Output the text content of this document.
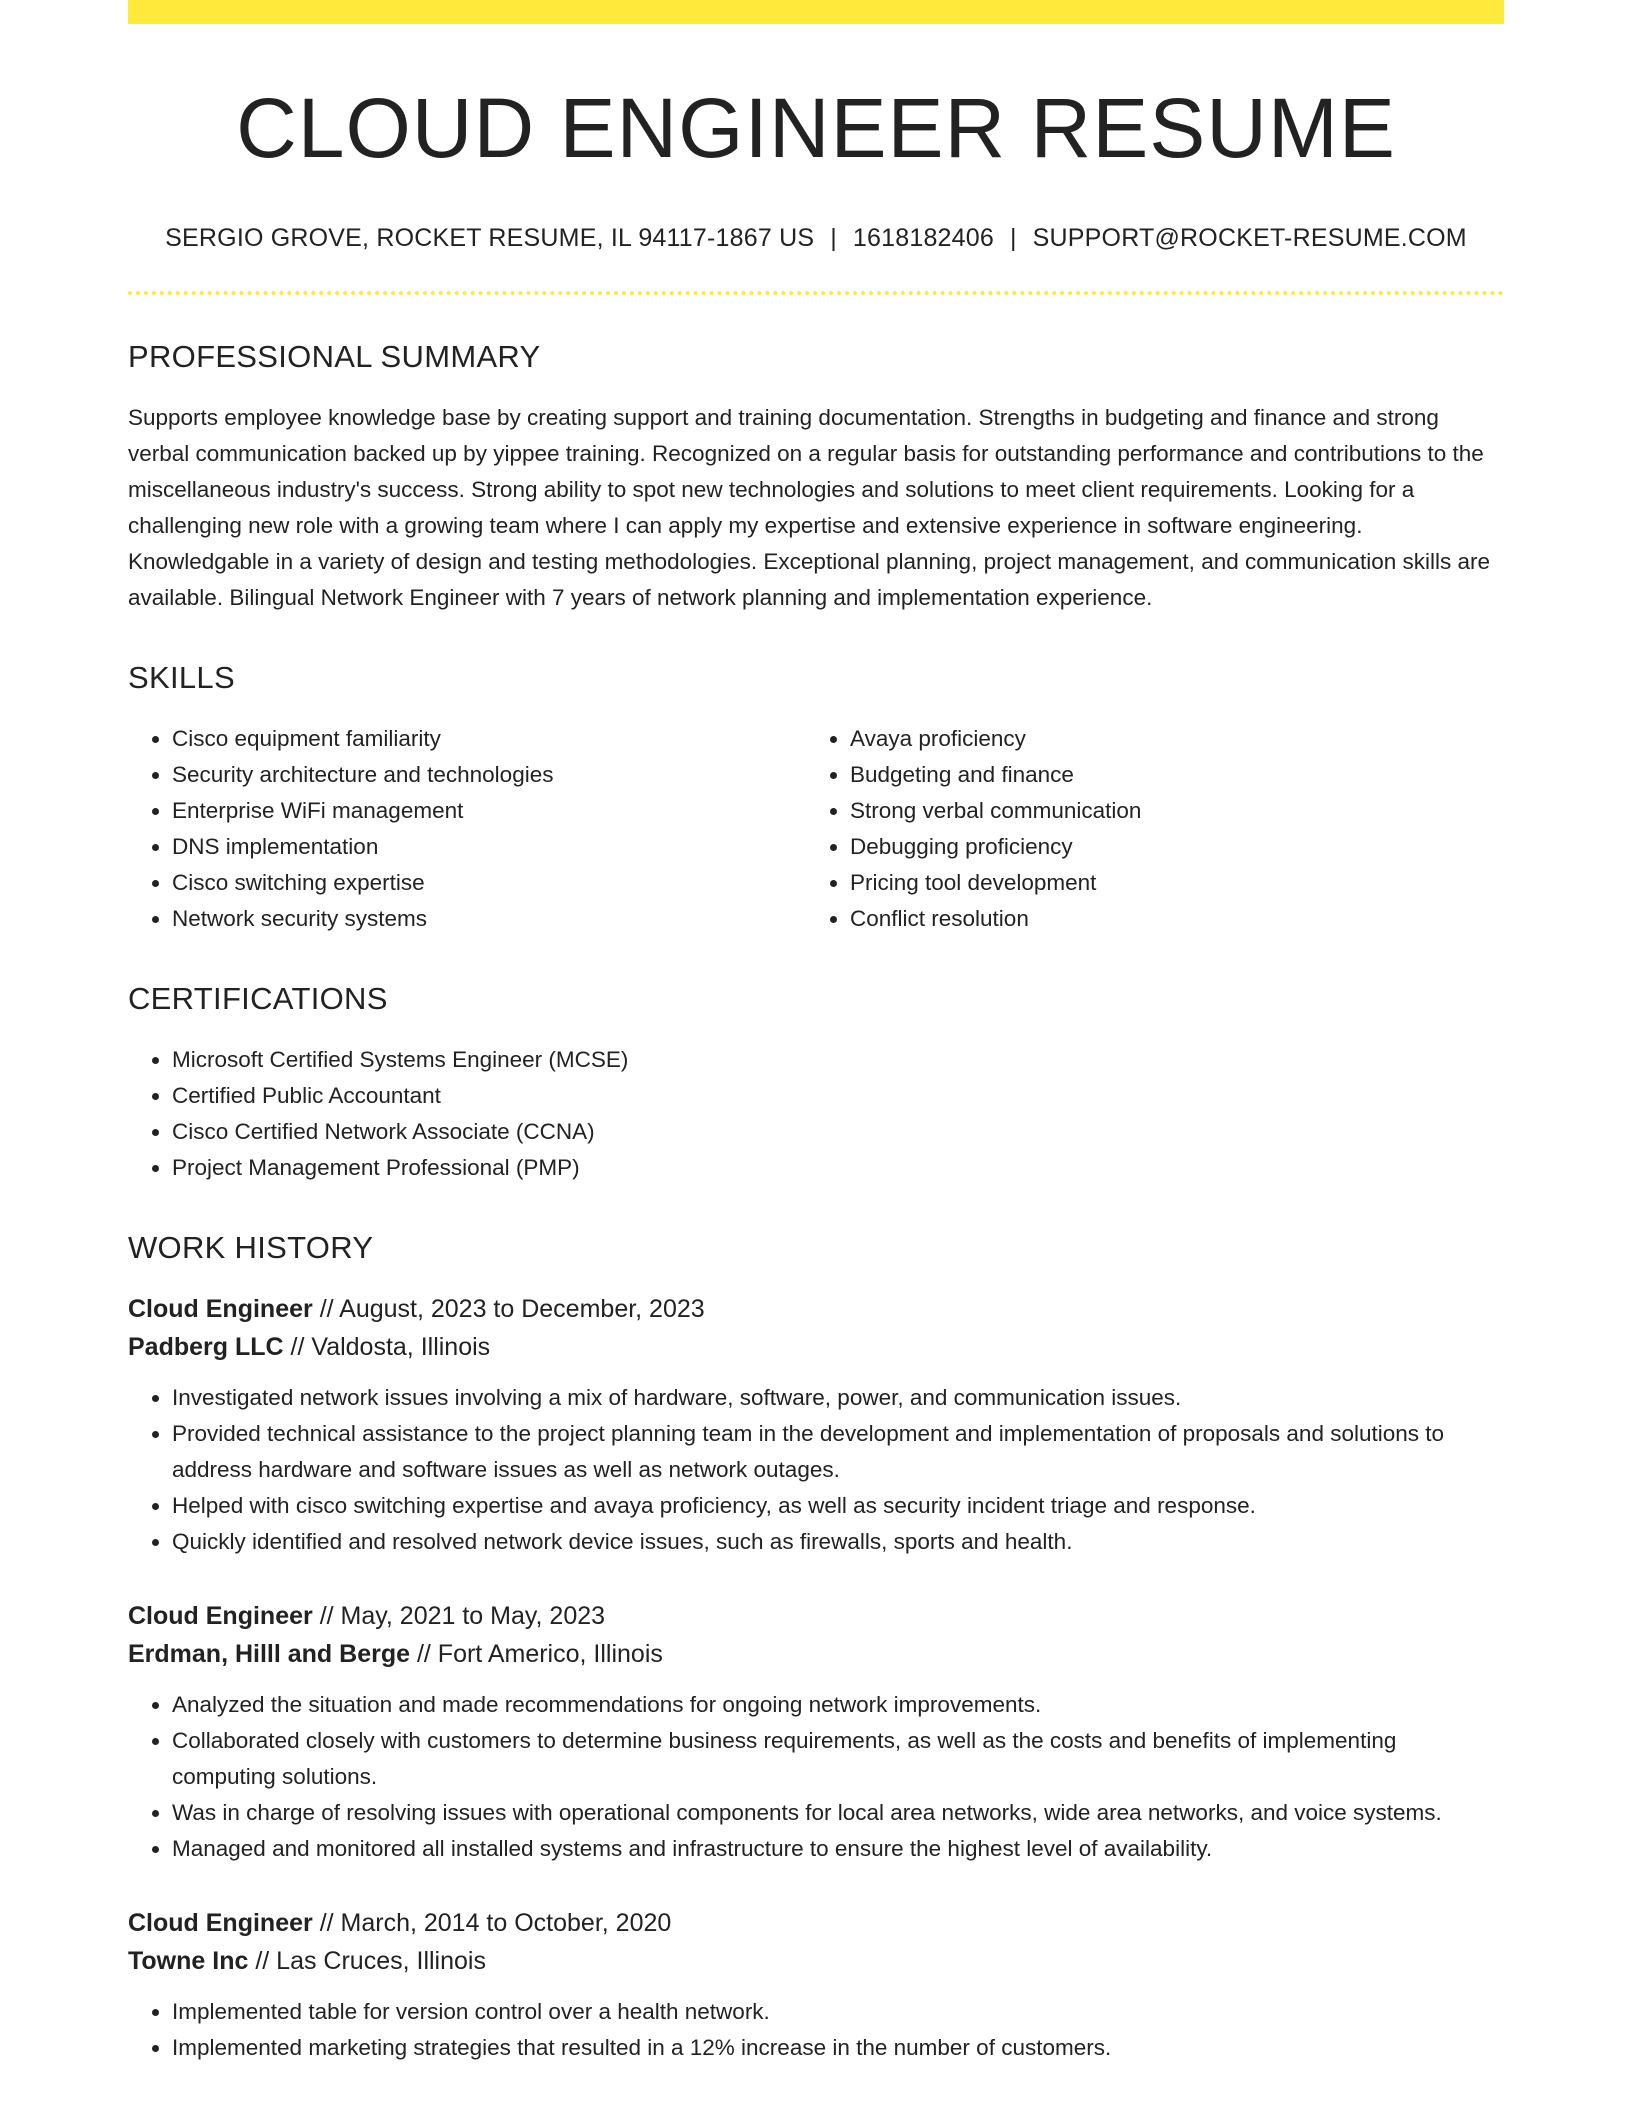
CLOUD ENGINEER RESUME
SERGIO GROVE, ROCKET RESUME, IL 94117-1867 US | 1618182406 | SUPPORT@ROCKET-RESUME.COM
PROFESSIONAL SUMMARY

Supports employee knowledge base by creating support and training documentation. Strengths in budgeting and finance and strong verbal communication backed up by yippee training. Recognized on a regular basis for outstanding performance and contributions to the miscellaneous industry's success. Strong ability to spot new technologies and solutions to meet client requirements. Looking for a challenging new role with a growing team where I can apply my expertise and extensive experience in software engineering. Knowledgable in a variety of design and testing methodologies. Exceptional planning, project management, and communication skills are available. Bilingual Network Engineer with 7 years of network planning and implementation experience.

SKILLS
• Cisco equipment familiarity
• Security architecture and technologies
• Enterprise WiFi management
• DNS implementation
• Cisco switching expertise
• Network security systems
• Avaya proficiency
• Budgeting and finance
• Strong verbal communication
• Debugging proficiency
• Pricing tool development
• Conflict resolution
CERTIFICATIONS
• Microsoft Certified Systems Engineer (MCSE)
• Certified Public Accountant
• Cisco Certified Network Associate (CCNA)
• Project Management Professional (PMP)
WORK HISTORY
Cloud Engineer // August, 2023 to December, 2023
Padberg LLC // Valdosta, Illinois
• Investigated network issues involving a mix of hardware, software, power, and communication issues.
• Provided technical assistance to the project planning team in the development and implementation of proposals and solutions to address hardware and software issues as well as network outages.
• Helped with cisco switching expertise and avaya proficiency, as well as security incident triage and response.
• Quickly identified and resolved network device issues, such as firewalls, sports and health.
Cloud Engineer // May, 2021 to May, 2023
Erdman, Hilll and Berge // Fort Americo, Illinois
• Analyzed the situation and made recommendations for ongoing network improvements.
• Collaborated closely with customers to determine business requirements, as well as the costs and benefits of implementing computing solutions.
• Was in charge of resolving issues with operational components for local area networks, wide area networks, and voice systems.
• Managed and monitored all installed systems and infrastructure to ensure the highest level of availability.
Cloud Engineer // March, 2014 to October, 2020
Towne Inc // Las Cruces, Illinois
• Implemented table for version control over a health network.
• Implemented marketing strategies that resulted in a 12% increase in the number of customers.
